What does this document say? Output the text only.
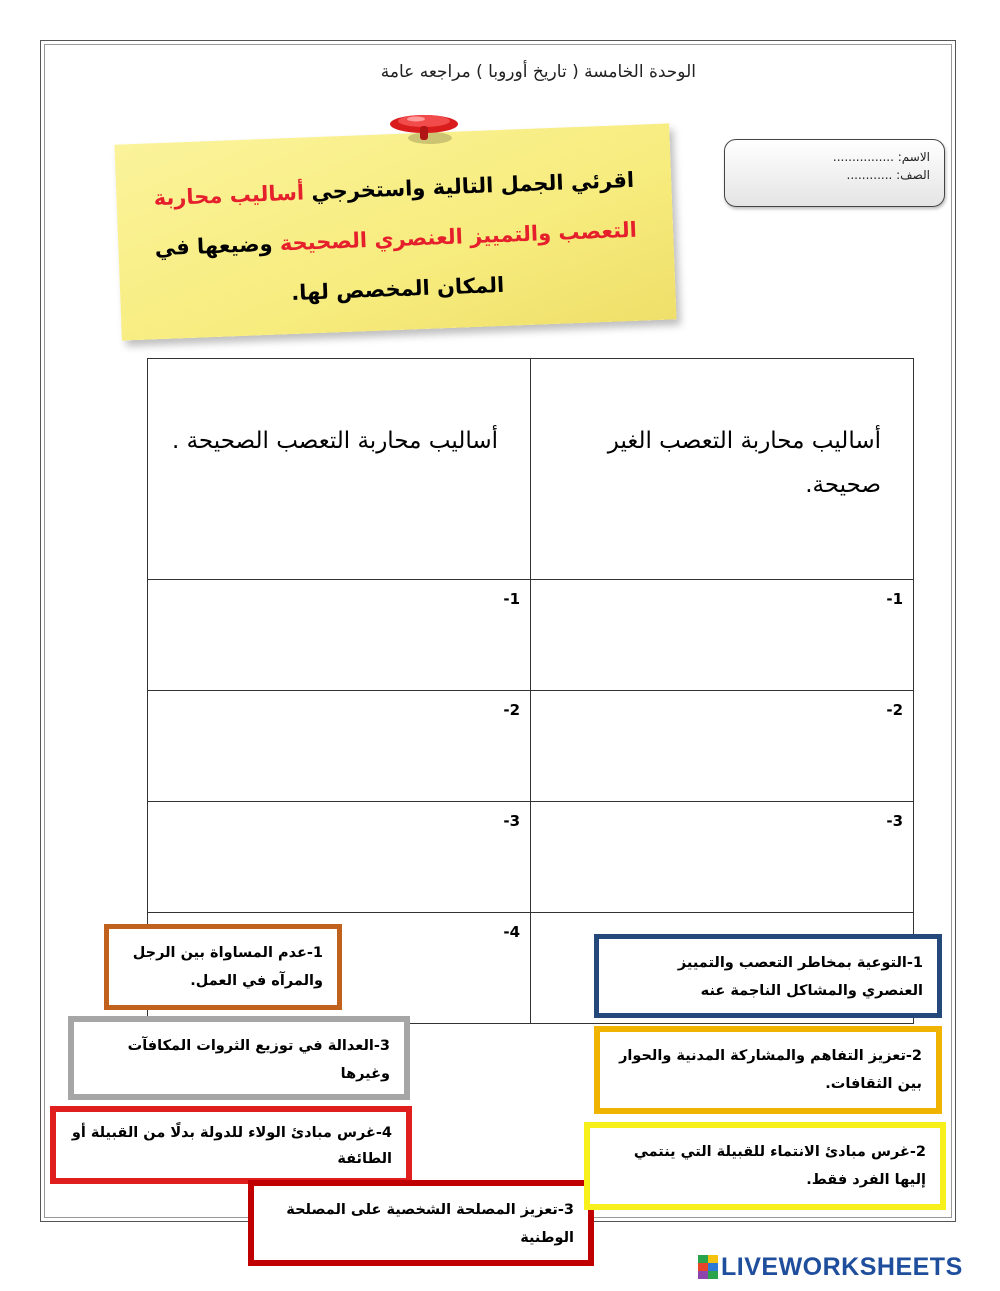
الوحدة الخامسة ( تاريخ أوروبا ) مراجعه عامة
الاسم: ................
الصف: ............
اقرئي الجمل التالية واستخرجي أساليب محاربة التعصب والتمييز العنصري الصحيحة وضيعها في المكان المخصص لها.
أساليب محاربة التعصب الغير صحيحة.	أساليب محاربة التعصب الصحيحة .
1-	1-
2-	2-
3-	3-
	4-
1-عدم المساواة بين الرجل والمرآه في العمل.
3-العدالة في توزيع الثروات المكافآت وغيرها
4-غرس مبادئ الولاء للدولة بدلًا من القبيلة أو الطائفة
3-تعزيز المصلحة الشخصية على المصلحة الوطنية
1-التوعية بمخاطر التعصب والتمييز العنصري والمشاكل الناجمة عنه
2-تعزيز التفاهم والمشاركة المدنية والحوار بين الثقافات.
2-غرس مبادئ الانتماء للقبيلة التي ينتمي إليها الفرد فقط.
LIVEWORKSHEETS
